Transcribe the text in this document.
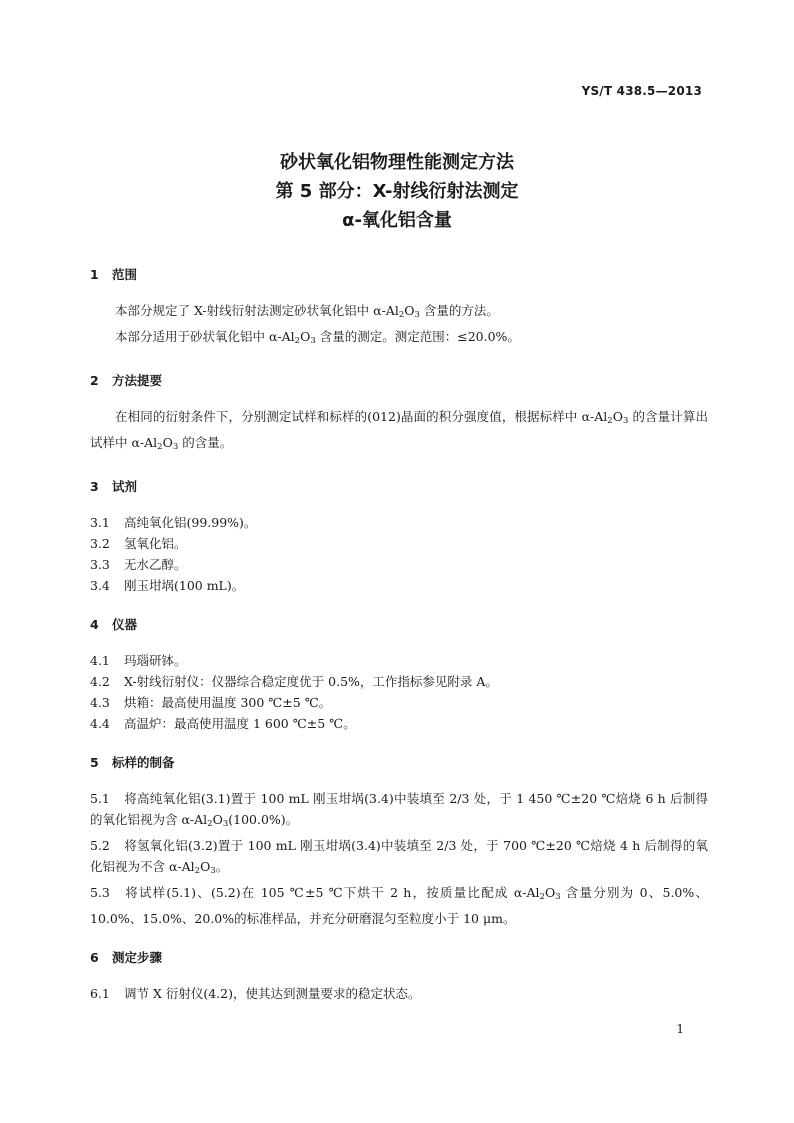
YS/T 438.5—2013
砂状氧化铝物理性能测定方法
第 5 部分：X-射线衍射法测定
α-氧化铝含量
1 范围
本部分规定了 X-射线衍射法测定砂状氧化铝中 $\alpha-Al_2O_3$ 含量的方法。
本部分适用于砂状氧化铝中 $\alpha-Al_2O_3$ 含量的测定。测定范围：≤20.0%。
2 方法提要
在相同的衍射条件下，分别测定试样和标样的(012)晶面的积分强度值，根据标样中 $\alpha-Al_2O_3$ 的含量计算出试样中 $\alpha-Al_2O_3$ 的含量。
3 试剂
3.1 高纯氧化铝(99.99%)。
3.2 氢氧化铝。
3.3 无水乙醇。
3.4 刚玉坩埚(100 mL)。
4 仪器
4.1 玛瑙研钵。
4.2 X-射线衍射仪：仪器综合稳定度优于 0.5%，工作指标参见附录 A。
4.3 烘箱：最高使用温度 300 ℃±5 ℃。
4.4 高温炉：最高使用温度 1 600 ℃±5 ℃。
5 标样的制备
5.1 将高纯氧化铝(3.1)置于 100 mL 刚玉坩埚(3.4)中装填至 2/3 处，于 1 450 ℃±20 ℃焙烧 6 h 后制得的氧化铝视为含 $\alpha-Al_2O_3(100.0\%)$。
5.2 将氢氧化铝(3.2)置于 100 mL 刚玉坩埚(3.4)中装填至 2/3 处，于 700 ℃±20 ℃焙烧 4 h 后制得的氧化铝视为不含 $\alpha-Al_2O_3$。
5.3 将试样(5.1)、(5.2)在 105 ℃±5 ℃下烘干 2 h，按质量比配成 $\alpha-Al_2O_3$ 含量分别为 0、5.0%、10.0%、15.0%、20.0%的标准样品，并充分研磨混匀至粒度小于 10 μm。
6 测定步骤
6.1 调节 X 衍射仪(4.2)，使其达到测量要求的稳定状态。
1
